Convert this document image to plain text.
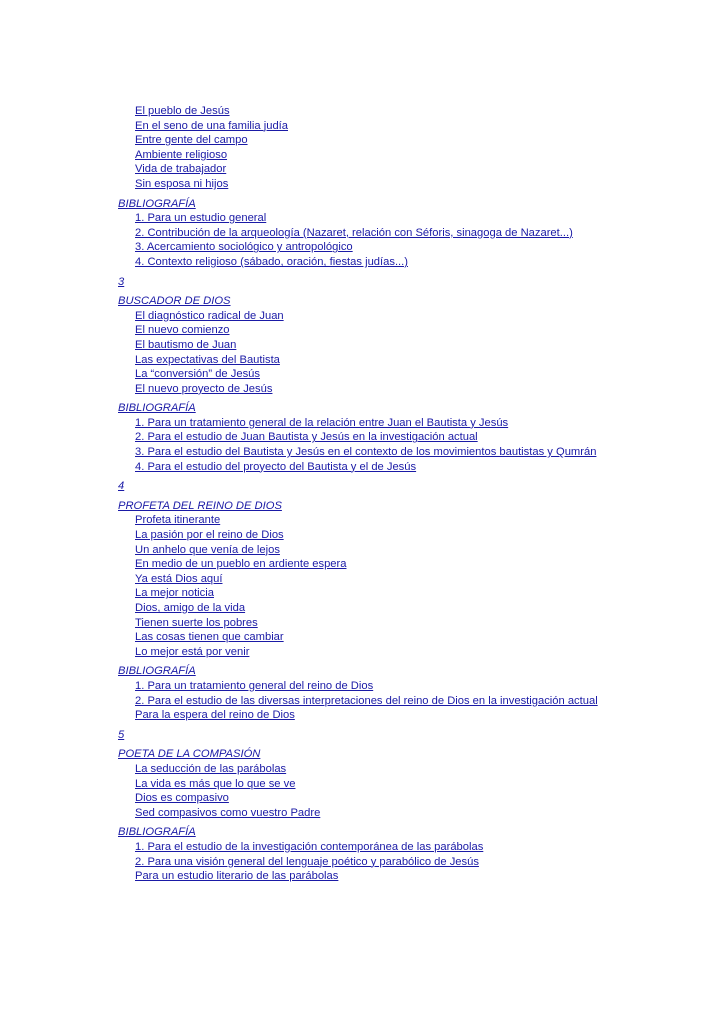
El pueblo de Jesús
En el seno de una familia judía
Entre gente del campo
Ambiente religioso
Vida de trabajador
Sin esposa ni hijos
BIBLIOGRAFÍA
1. Para un estudio general
2. Contribución de la arqueología (Nazaret, relación con Séforis, sinagoga de Nazaret...)
3. Acercamiento sociológico y antropológico
4. Contexto religioso (sábado, oración, fiestas judías...)
3
BUSCADOR DE DIOS
El diagnóstico radical de Juan
El nuevo comienzo
El bautismo de Juan
Las expectativas del Bautista
La “conversión” de Jesús
El nuevo proyecto de Jesús
BIBLIOGRAFÍA
1. Para un tratamiento general de la relación entre Juan el Bautista y Jesús
2. Para el estudio de Juan Bautista y Jesús en la investigación actual
3. Para el estudio del Bautista y Jesús en el contexto de los movimientos bautistas y Qumrán
4. Para el estudio del proyecto del Bautista y el de Jesús
4
PROFETA DEL REINO DE DIOS
Profeta itinerante
La pasión por el reino de Dios
Un anhelo que venía de lejos
En medio de un pueblo en ardiente espera
Ya está Dios aquí
La mejor noticia
Dios, amigo de la vida
Tienen suerte los pobres
Las cosas tienen que cambiar
Lo mejor está por venir
BIBLIOGRAFÍA
1. Para un tratamiento general del reino de Dios
2. Para el estudio de las diversas interpretaciones del reino de Dios en la investigación actual
Para la espera del reino de Dios
5
POETA DE LA COMPASIÓN
La seducción de las parábolas
La vida es más que lo que se ve
Dios es compasivo
Sed compasivos como vuestro Padre
BIBLIOGRAFÍA
1. Para el estudio de la investigación contemporánea de las parábolas
2. Para una visión general del lenguaje poético y parabólico de Jesús
Para un estudio literario de las parábolas
